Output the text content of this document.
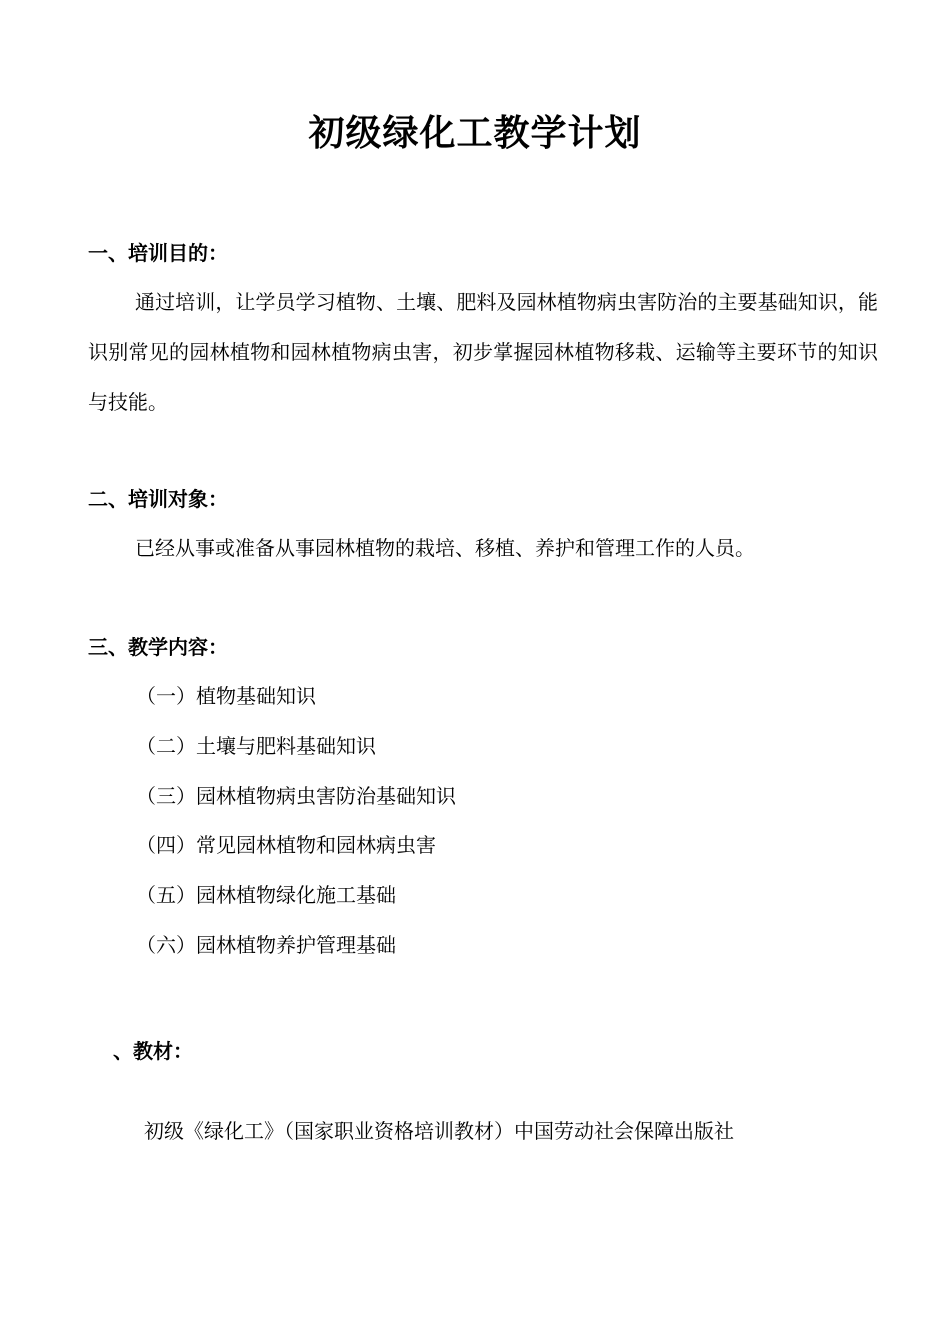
初级绿化工教学计划
一、培训目的：
通过培训，让学员学习植物、土壤、肥料及园林植物病虫害防治的主要基础知识，能识别常见的园林植物和园林植物病虫害，初步掌握园林植物移栽、运输等主要环节的知识与技能。
二、培训对象：
已经从事或准备从事园林植物的栽培、移植、养护和管理工作的人员。
三、教学内容：
（一）植物基础知识
（二）土壤与肥料基础知识
（三）园林植物病虫害防治基础知识
（四）常见园林植物和园林病虫害
（五）园林植物绿化施工基础
（六）园林植物养护管理基础
、教材：
初级《绿化工》（国家职业资格培训教材）中国劳动社会保障出版社
